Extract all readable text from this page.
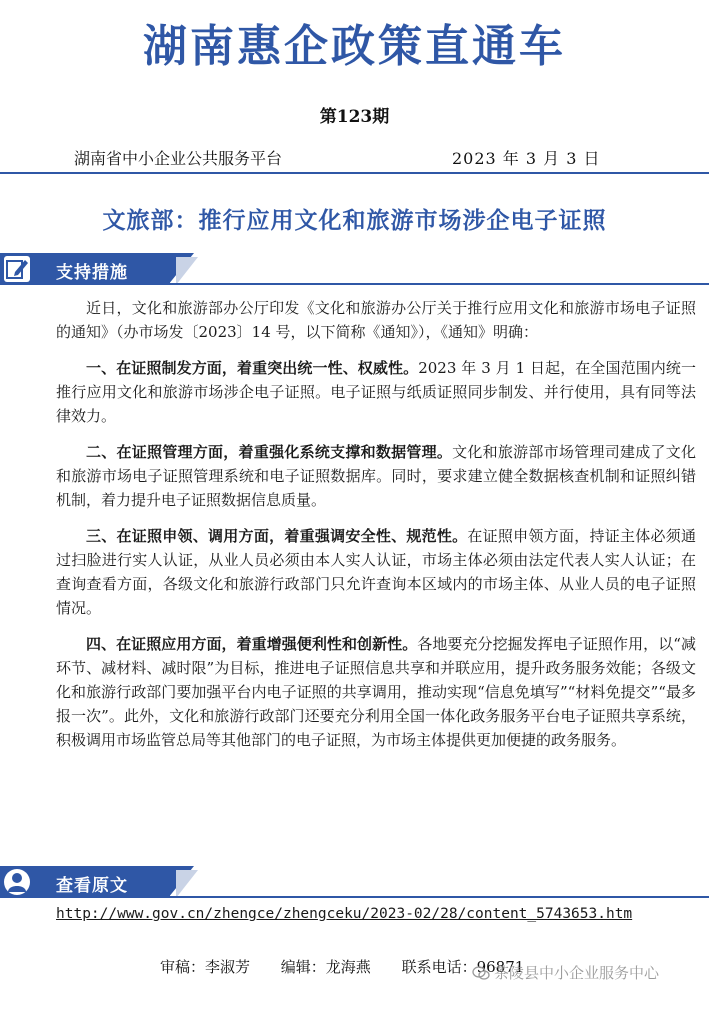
湖南惠企政策直通车
第123期
湖南省中小企业公共服务平台	2023 年 3 月 3 日
文旅部：推行应用文化和旅游市场涉企电子证照
支持措施

近日，文化和旅游部办公厅印发《文化和旅游办公厅关于推行应用文化和旅游市场电子证照的通知》（办市场发〔2023〕14 号，以下简称《通知》），《通知》明确：

一、在证照制发方面，着重突出统一性、权威性。2023 年 3 月 1 日起，在全国范围内统一推行应用文化和旅游市场涉企电子证照。电子证照与纸质证照同步制发、并行使用，具有同等法律效力。

二、在证照管理方面，着重强化系统支撑和数据管理。文化和旅游部市场管理司建成了文化和旅游市场电子证照管理系统和电子证照数据库。同时，要求建立健全数据核查机制和证照纠错机制，着力提升电子证照数据信息质量。

三、在证照申领、调用方面，着重强调安全性、规范性。在证照申领方面，持证主体必须通过扫脸进行实人认证，从业人员必须由本人实人认证，市场主体必须由法定代表人实人认证；在查询查看方面，各级文化和旅游行政部门只允许查询本区域内的市场主体、从业人员的电子证照情况。

四、在证照应用方面，着重增强便利性和创新性。各地要充分挖掘发挥电子证照作用，以“减环节、减材料、减时限”为目标，推进电子证照信息共享和并联应用，提升政务服务效能；各级文化和旅游行政部门要加强平台内电子证照的共享调用，推动实现“信息免填写”“材料免提交”“最多报一次”。此外，文化和旅游行政部门还要充分利用全国一体化政务服务平台电子证照共享系统，积极调用市场监管总局等其他部门的电子证照，为市场主体提供更加便捷的政务服务。

查看原文
http://www.gov.cn/zhengce/zhengceku/2023-02/28/content_5743653.htm
审稿：李淑芳 编辑：龙海燕 联系电话：96871
茶陵县中小企业服务中心
